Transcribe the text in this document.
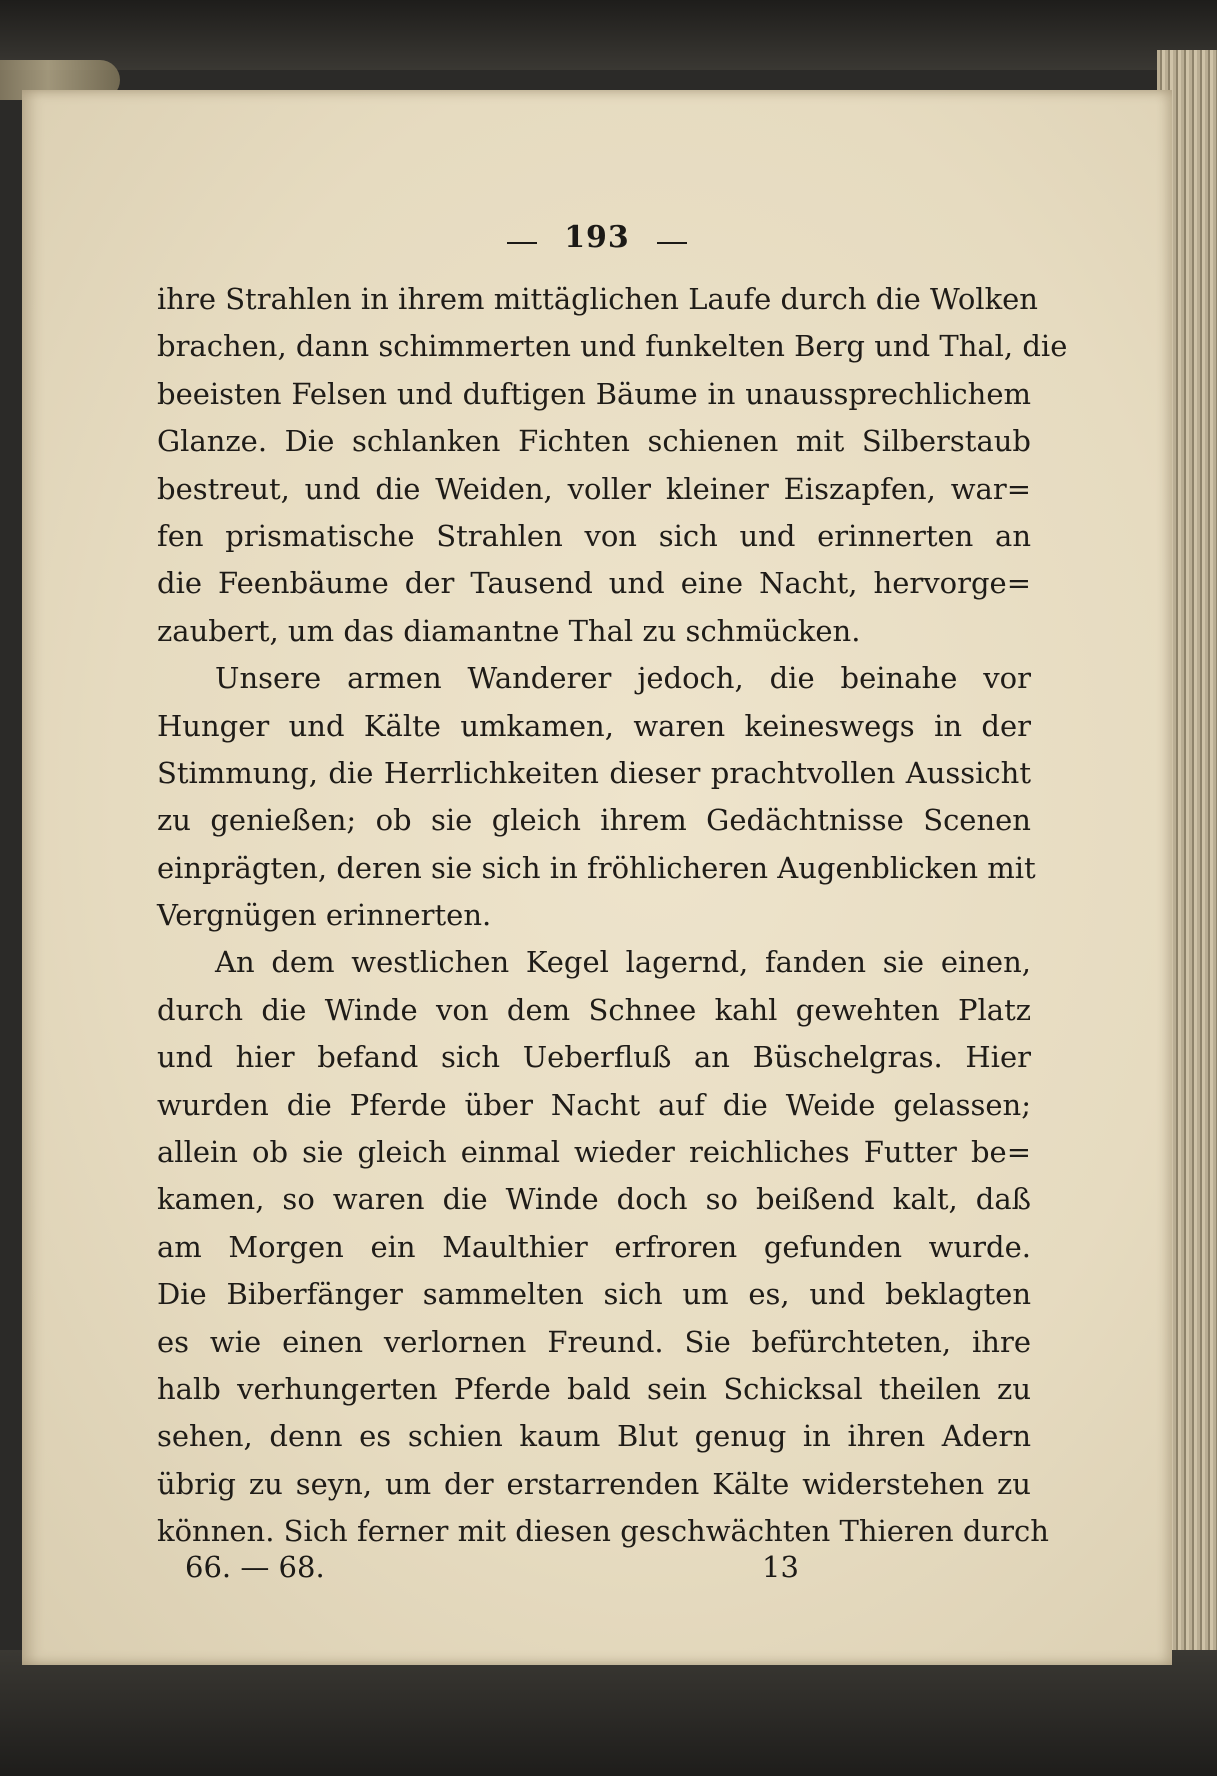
193
ihre Strahlen in ihrem mittäglichen Laufe durch die Wolken
brachen, dann schimmerten und funkelten Berg und Thal, die
beeisten Felsen und duftigen Bäume in unaussprechlichem
Glanze. Die schlanken Fichten schienen mit Silberstaub
bestreut, und die Weiden, voller kleiner Eiszapfen, war=
fen prismatische Strahlen von sich und erinnerten an
die Feenbäume der Tausend und eine Nacht, hervorge=
zaubert, um das diamantne Thal zu schmücken.
Unsere armen Wanderer jedoch, die beinahe vor
Hunger und Kälte umkamen, waren keineswegs in der
Stimmung, die Herrlichkeiten dieser prachtvollen Aussicht
zu genießen; ob sie gleich ihrem Gedächtnisse Scenen
einprägten, deren sie sich in fröhlicheren Augenblicken mit
Vergnügen erinnerten.
An dem westlichen Kegel lagernd, fanden sie einen,
durch die Winde von dem Schnee kahl gewehten Platz
und hier befand sich Ueberfluß an Büschelgras. Hier
wurden die Pferde über Nacht auf die Weide gelassen;
allein ob sie gleich einmal wieder reichliches Futter be=
kamen, so waren die Winde doch so beißend kalt, daß
am Morgen ein Maulthier erfroren gefunden wurde.
Die Biberfänger sammelten sich um es, und beklagten
es wie einen verlornen Freund. Sie befürchteten, ihre
halb verhungerten Pferde bald sein Schicksal theilen zu
sehen, denn es schien kaum Blut genug in ihren Adern
übrig zu seyn, um der erstarrenden Kälte widerstehen zu
können. Sich ferner mit diesen geschwächten Thieren durch
66. — 68.	13
